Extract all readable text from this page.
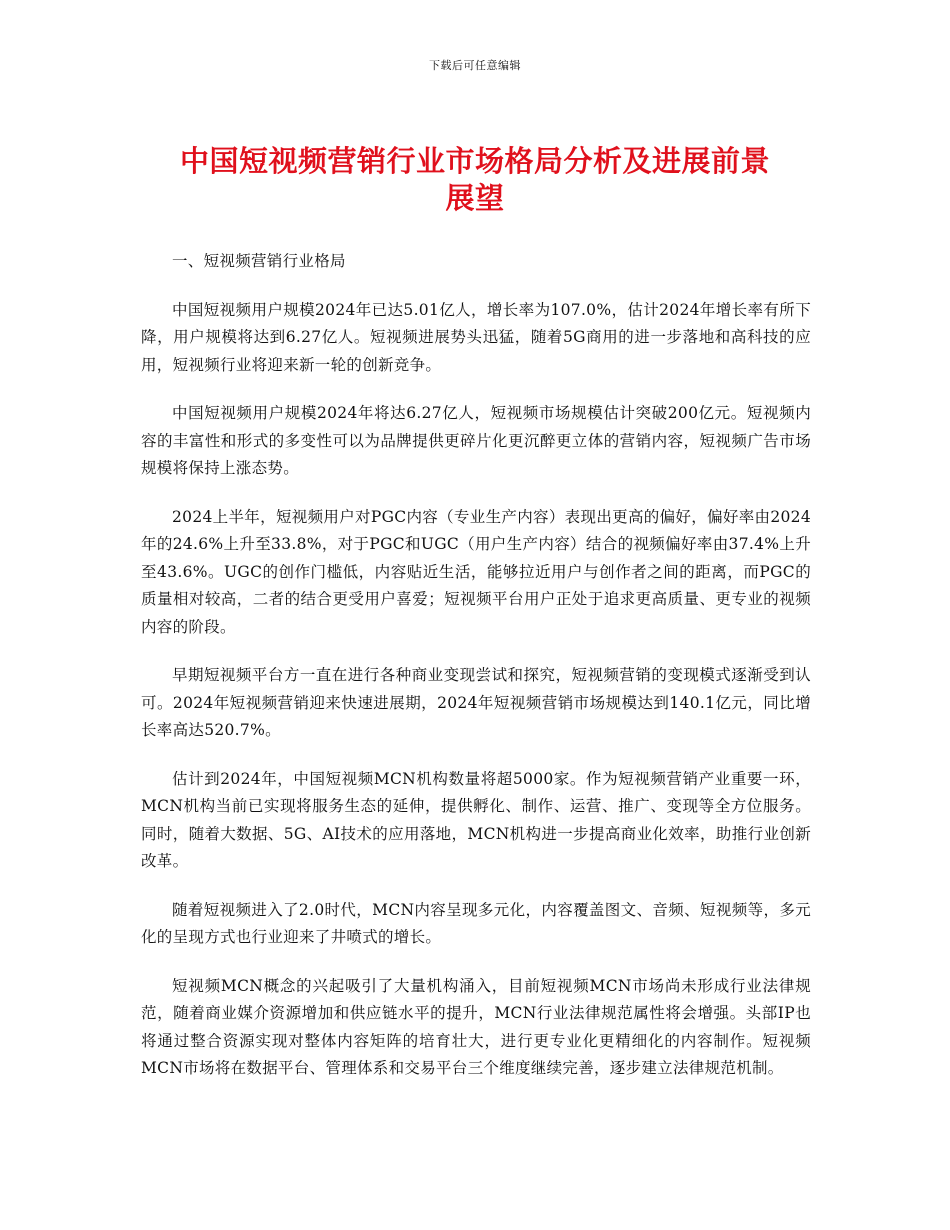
下载后可任意编辑
中国短视频营销行业市场格局分析及进展前景
展望

一、短视频营销行业格局

中国短视频用户规模2024年已达5.01亿人，增长率为107.0%，估计2024年增长率有所下降，用户规模将达到6.27亿人。短视频进展势头迅猛，随着5G商用的进一步落地和高科技的应用，短视频行业将迎来新一轮的创新竞争。

中国短视频用户规模2024年将达6.27亿人，短视频市场规模估计突破200亿元。短视频内容的丰富性和形式的多变性可以为品牌提供更碎片化更沉醉更立体的营销内容，短视频广告市场规模将保持上涨态势。

2024上半年，短视频用户对PGC内容（专业生产内容）表现出更高的偏好，偏好率由2024年的24.6%上升至33.8%，对于PGC和UGC（用户生产内容）结合的视频偏好率由37.4%上升至43.6%。UGC的创作门槛低，内容贴近生活，能够拉近用户与创作者之间的距离，而PGC的质量相对较高，二者的结合更受用户喜爱；短视频平台用户正处于追求更高质量、更专业的视频内容的阶段。

早期短视频平台方一直在进行各种商业变现尝试和探究，短视频营销的变现模式逐渐受到认可。2024年短视频营销迎来快速进展期，2024年短视频营销市场规模达到140.1亿元，同比增长率高达520.7%。

估计到2024年，中国短视频MCN机构数量将超5000家。作为短视频营销产业重要一环，MCN机构当前已实现将服务生态的延伸，提供孵化、制作、运营、推广、变现等全方位服务。同时，随着大数据、5G、AI技术的应用落地，MCN机构进一步提高商业化效率，助推行业创新改革。

随着短视频进入了2.0时代，MCN内容呈现多元化，内容覆盖图文、音频、短视频等，多元化的呈现方式也行业迎来了井喷式的增长。

短视频MCN概念的兴起吸引了大量机构涌入，目前短视频MCN市场尚未形成行业法律规范，随着商业媒介资源增加和供应链水平的提升，MCN行业法律规范属性将会增强。头部IP也将通过整合资源实现对整体内容矩阵的培育壮大，进行更专业化更精细化的内容制作。短视频MCN市场将在数据平台、管理体系和交易平台三个维度继续完善，逐步建立法律规范机制。
